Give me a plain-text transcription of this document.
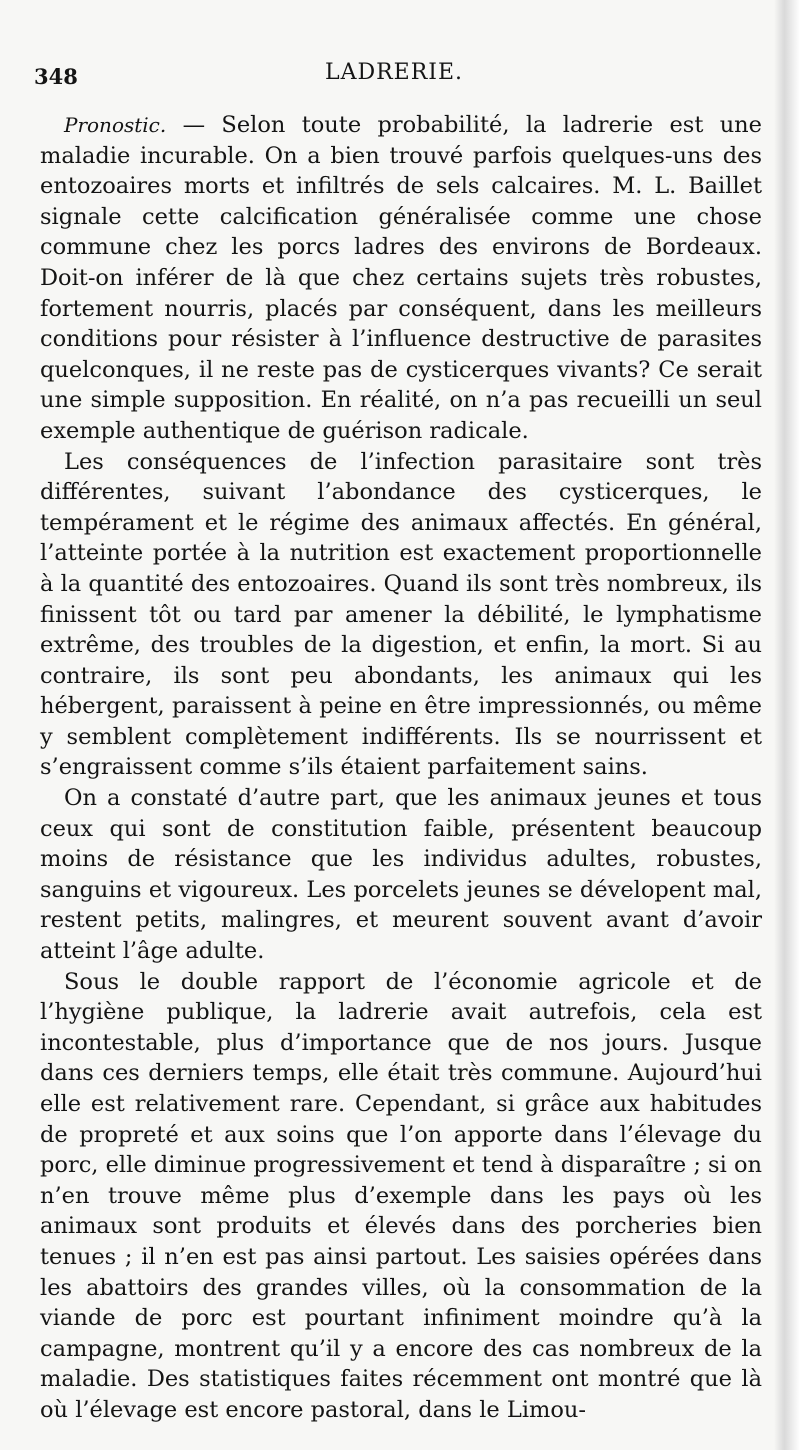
348	LADRERIE.

Pronostic. — Selon toute probabilité, la ladrerie est une maladie incurable. On a bien trouvé parfois quelques-uns des entozoaires morts et infiltrés de sels calcaires. M. L. Baillet signale cette calcification généralisée comme une chose commune chez les porcs ladres des environs de Bordeaux. Doit-on inférer de là que chez certains sujets très robustes, fortement nourris, placés par conséquent, dans les meilleurs conditions pour résister à l’influence destructive de parasites quelconques, il ne reste pas de cysticerques vivants? Ce serait une simple supposition. En réalité, on n’a pas recueilli un seul exemple authentique de guérison radicale.

Les conséquences de l’infection parasitaire sont très différentes, suivant l’abondance des cysticerques, le tempérament et le régime des animaux affectés. En général, l’atteinte portée à la nutrition est exactement proportionnelle à la quantité des entozoaires. Quand ils sont très nombreux, ils finissent tôt ou tard par amener la débilité, le lymphatisme extrême, des troubles de la digestion, et enfin, la mort. Si au contraire, ils sont peu abondants, les animaux qui les hébergent, paraissent à peine en être impressionnés, ou même y semblent complètement indifférents. Ils se nourrissent et s’engraissent comme s’ils étaient parfaitement sains.

On a constaté d’autre part, que les animaux jeunes et tous ceux qui sont de constitution faible, présentent beaucoup moins de résistance que les individus adultes, robustes, sanguins et vigoureux. Les porcelets jeunes se dévelopent mal, restent petits, malingres, et meurent souvent avant d’avoir atteint l’âge adulte.

Sous le double rapport de l’économie agricole et de l’hygiène publique, la ladrerie avait autrefois, cela est incontestable, plus d’importance que de nos jours. Jusque dans ces derniers temps, elle était très commune. Aujourd’hui elle est relativement rare. Cependant, si grâce aux habitudes de propreté et aux soins que l’on apporte dans l’élevage du porc, elle diminue progressivement et tend à disparaître ; si on n’en trouve même plus d’exemple dans les pays où les animaux sont produits et élevés dans des porcheries bien tenues ; il n’en est pas ainsi partout. Les saisies opérées dans les abattoirs des grandes villes, où la consommation de la viande de porc est pourtant infiniment moindre qu’à la campagne, montrent qu’il y a encore des cas nombreux de la maladie. Des statistiques faites récemment ont montré que là où l’élevage est encore pastoral, dans le Limou-
